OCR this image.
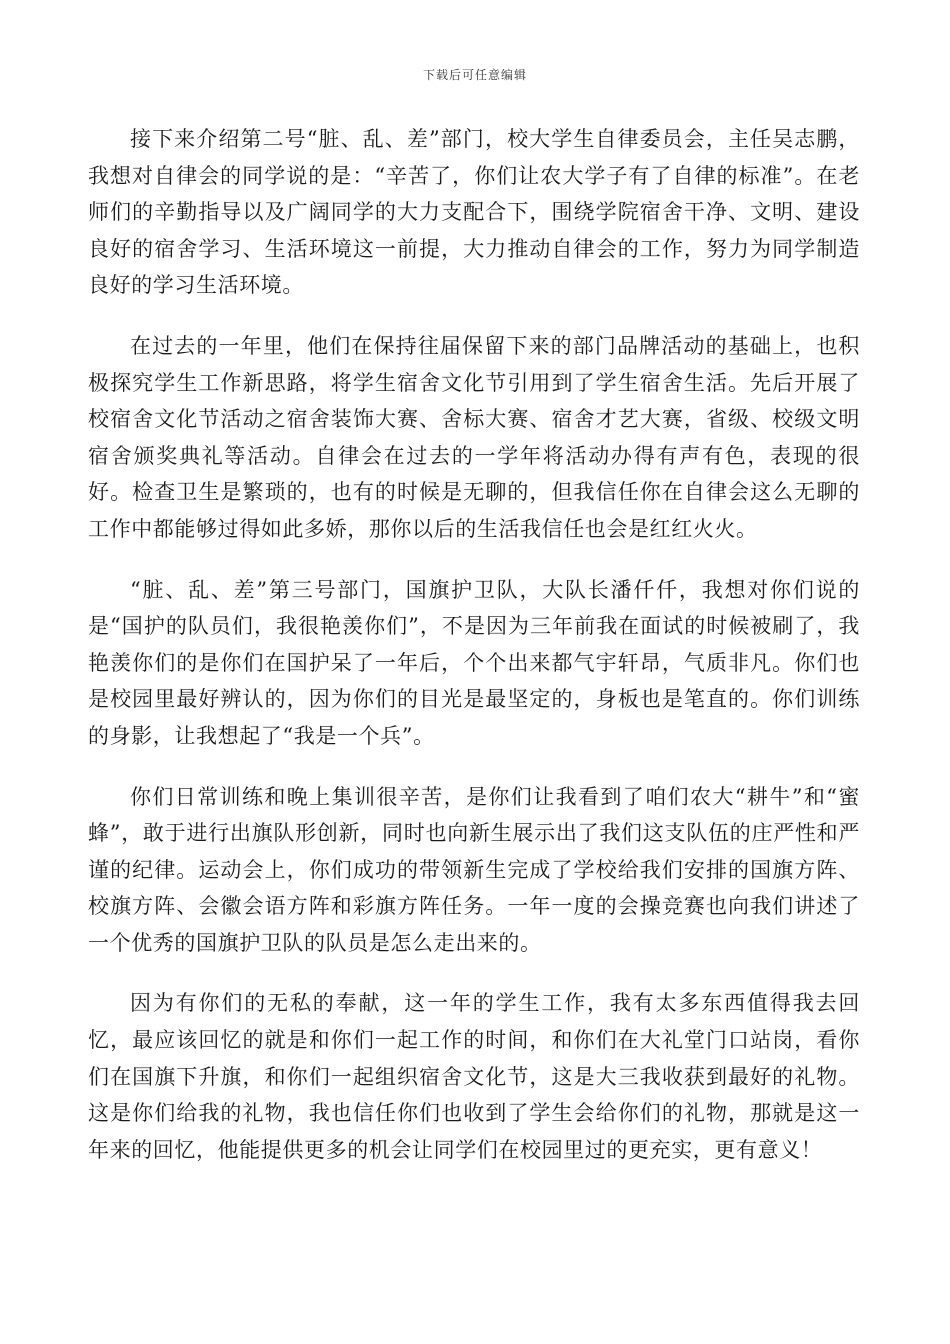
下载后可任意编辑

接下来介绍第二号“脏、乱、差”部门，校大学生自律委员会，主任吴志鹏，我想对自律会的同学说的是：“辛苦了，你们让农大学子有了自律的标准”。在老师们的辛勤指导以及广阔同学的大力支配合下，围绕学院宿舍干净、文明、建设良好的宿舍学习、生活环境这一前提，大力推动自律会的工作，努力为同学制造良好的学习生活环境。

在过去的一年里，他们在保持往届保留下来的部门品牌活动的基础上，也积极探究学生工作新思路，将学生宿舍文化节引用到了学生宿舍生活。先后开展了校宿舍文化节活动之宿舍装饰大赛、舍标大赛、宿舍才艺大赛，省级、校级文明宿舍颁奖典礼等活动。自律会在过去的一学年将活动办得有声有色，表现的很好。检查卫生是繁琐的，也有的时候是无聊的，但我信任你在自律会这么无聊的工作中都能够过得如此多娇，那你以后的生活我信任也会是红红火火。

“脏、乱、差”第三号部门，国旗护卫队，大队长潘仟仟，我想对你们说的是“国护的队员们，我很艳羡你们”，不是因为三年前我在面试的时候被刷了，我艳羡你们的是你们在国护呆了一年后，个个出来都气宇轩昂，气质非凡。你们也是校园里最好辨认的，因为你们的目光是最坚定的，身板也是笔直的。你们训练的身影，让我想起了“我是一个兵”。

你们日常训练和晚上集训很辛苦，是你们让我看到了咱们农大“耕牛”和“蜜蜂”，敢于进行出旗队形创新，同时也向新生展示出了我们这支队伍的庄严性和严谨的纪律。运动会上，你们成功的带领新生完成了学校给我们安排的国旗方阵、校旗方阵、会徽会语方阵和彩旗方阵任务。一年一度的会操竞赛也向我们讲述了一个优秀的国旗护卫队的队员是怎么走出来的。

因为有你们的无私的奉献，这一年的学生工作，我有太多东西值得我去回忆，最应该回忆的就是和你们一起工作的时间，和你们在大礼堂门口站岗，看你们在国旗下升旗，和你们一起组织宿舍文化节，这是大三我收获到最好的礼物。这是你们给我的礼物，我也信任你们也收到了学生会给你们的礼物，那就是这一年来的回忆，他能提供更多的机会让同学们在校园里过的更充实，更有意义！
